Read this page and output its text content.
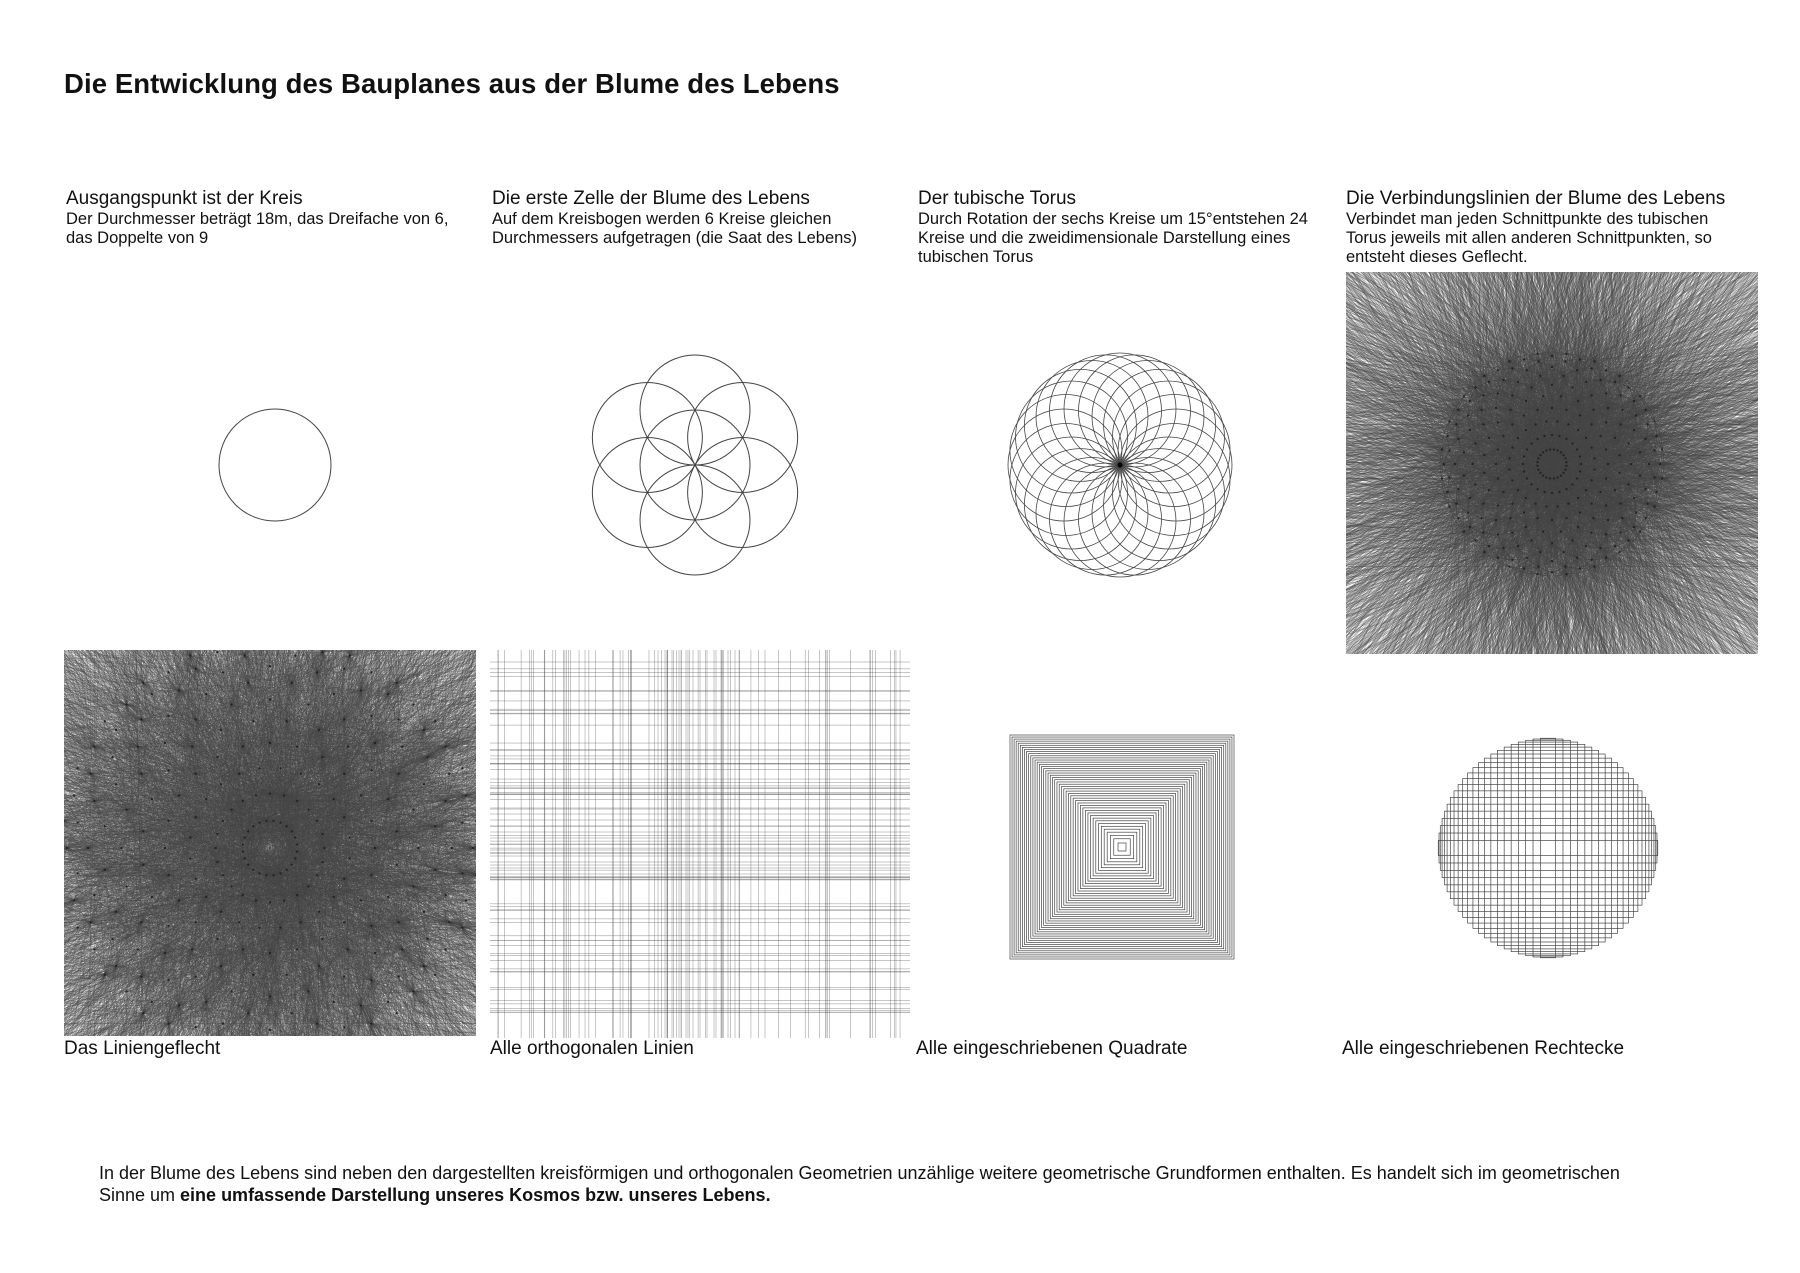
Die Entwicklung des Bauplanes aus der Blume des Lebens
Ausgangspunkt ist der Kreis
Der Durchmesser beträgt 18m, das Dreifache von 6,
das Doppelte von 9
Die erste Zelle der Blume des Lebens
Auf dem Kreisbogen werden 6 Kreise gleichen
Durchmessers aufgetragen (die Saat des Lebens)
Der tubische Torus
Durch Rotation der sechs Kreise um 15°entstehen 24
Kreise und die zweidimensionale Darstellung eines
tubischen Torus
Die Verbindungslinien der Blume des Lebens
Verbindet man jeden Schnittpunkte des tubischen
Torus jeweils mit allen anderen Schnittpunkten, so
entsteht dieses Geflecht.
Das Liniengeflecht	Alle orthogonalen Linien	Alle eingeschriebenen Quadrate	Alle eingeschriebenen Rechtecke
In der Blume des Lebens sind neben den dargestellten kreisförmigen und orthogonalen Geometrien unzählige weitere geometrische Grundformen enthalten. Es handelt sich im geometrischen Sinne um eine umfassende Darstellung unseres Kosmos bzw. unseres Lebens.
